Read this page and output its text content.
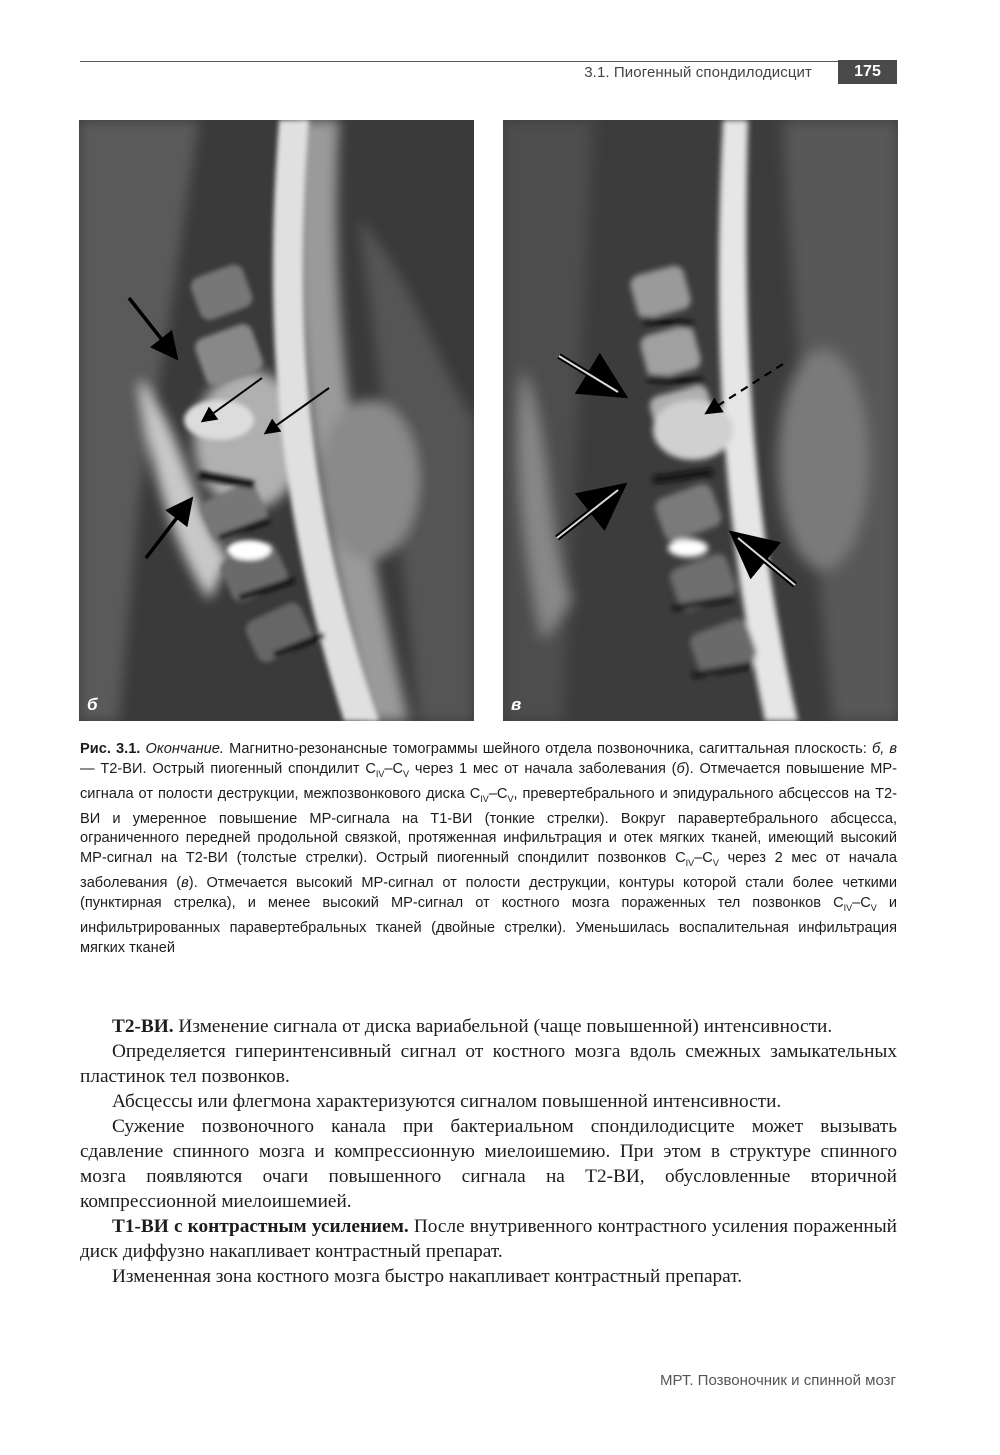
3.1. Пиогенный спондилодисцит	175
б	в
Рис. 3.1. Окончание. Магнитно-резонансные томограммы шейного отдела позвоночника, сагиттальная плоскость: б, в — T2-ВИ. Острый пиогенный спондилит $C_{IV}-C_V$ через 1 мес от начала заболевания (б). Отмечается повышение МР-сигнала от полости деструкции, межпозвонкового диска $C_{IV}-C_V$, превертебрального и эпидурального абсцессов на T2-ВИ и умеренное повышение МР-сигнала на T1-ВИ (тонкие стрелки). Вокруг паравертебрального абсцесса, ограниченного передней продольной связкой, протяженная инфильтрация и отек мягких тканей, имеющий высокий МР-сигнал на T2-ВИ (толстые стрелки). Острый пиогенный спондилит позвонков $C_{IV}-C_V$ через 2 мес от начала заболевания (в). Отмечается высокий МР-сигнал от полости деструкции, контуры которой стали более четкими (пунктирная стрелка), и менее высокий МР-сигнал от костного мозга пораженных тел позвонков $C_{IV}-C_V$ и инфильтрированных паравертебральных тканей (двойные стрелки). Уменьшилась воспалительная инфильтрация мягких тканей

T2-ВИ. Изменение сигнала от диска вариабельной (чаще повышенной) интенсивности.

Определяется гиперинтенсивный сигнал от костного мозга вдоль смежных замыкательных пластинок тел позвонков.

Абсцессы или флегмона характеризуются сигналом повышенной интенсивности.

Сужение позвоночного канала при бактериальном спондилодисците может вызывать сдавление спинного мозга и компрессионную миелоишемию. При этом в структуре спинного мозга появляются очаги повышенного сигнала на T2-ВИ, обусловленные вторичной компрессионной миелоишемией.

T1-ВИ с контрастным усилением. После внутривенного контрастного усиления пораженный диск диффузно накапливает контрастный препарат.

Измененная зона костного мозга быстро накапливает контрастный препарат.

МРТ. Позвоночник и спинной мозг
